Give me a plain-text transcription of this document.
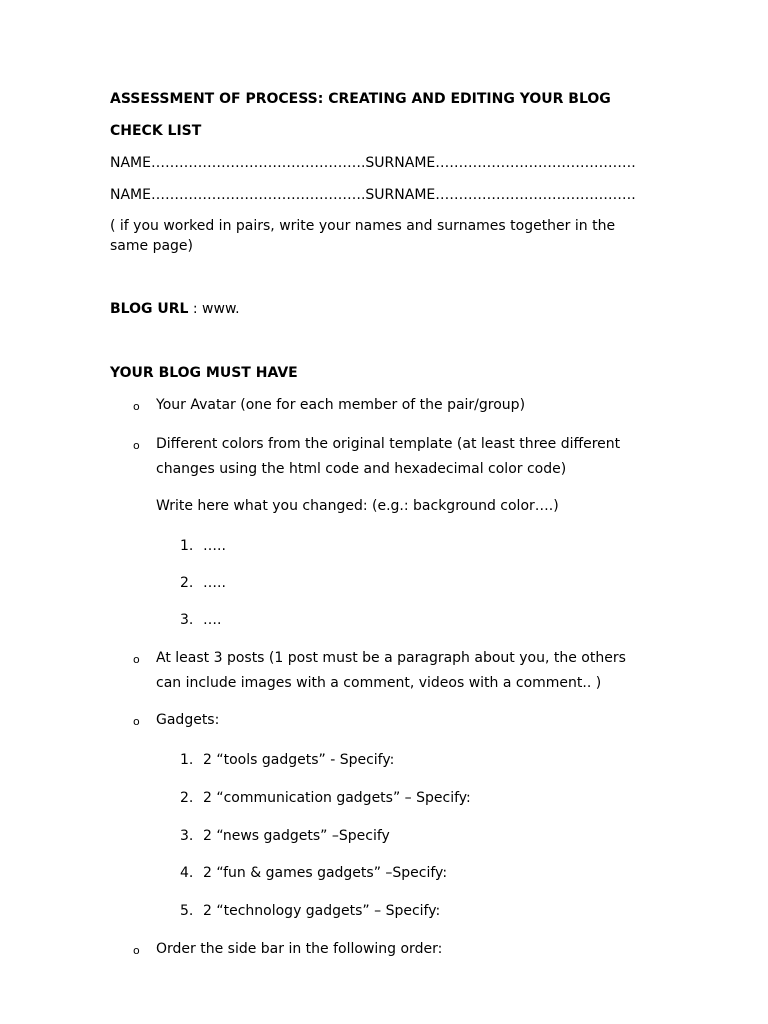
ASSESSMENT OF PROCESS: CREATING AND EDITING YOUR BLOG
CHECK LIST
NAME……………………………………….SURNAME…………………………………….
NAME……………………………………….SURNAME…………………………………….
( if you worked in pairs, write your names and surnames together in the same page)
BLOG URL : www.
YOUR BLOG MUST HAVE
o Your Avatar (one for each member of the pair/group)
o Different colors from the original template (at least three different
changes using the html code and hexadecimal color code)
Write here what you changed: (e.g.: background color….)
1. …..
2. …..
3. ….
o At least 3 posts (1 post must be a paragraph about you, the others
can include images with a comment, videos with a comment.. )
o Gadgets:
1. 2 “tools gadgets” - Specify:
2. 2 “communication gadgets” – Specify:
3. 2 “news gadgets” –Specify
4. 2 “fun & games gadgets” –Specify:
5. 2 “technology gadgets” – Specify:
o Order the side bar in the following order:
